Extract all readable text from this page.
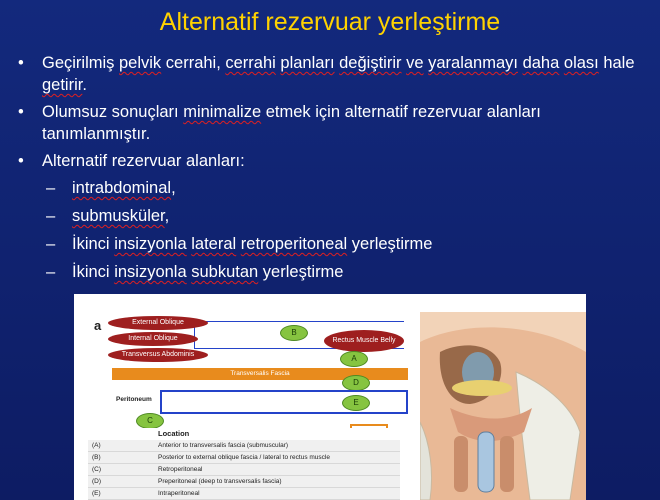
Alternatif rezervuar yerleştirme
• Geçirilmiş pelvik cerrahi, cerrahi planları değiştirir ve yaralanmayı daha olası hale getirir.
• Olumsuz sonuçları minimalize etmek için alternatif rezervuar alanları tanımlanmıştır.
• Alternatif rezervuar alanları:
– intrabdominal,
– submusküler,
– İkinci insizyonla lateral retroperitoneal yerleştirme
– İkinci insizyonla subkutan yerleştirme
a	External Oblique
Internal Oblique
Transversus Abdominis
Rectus Muscle Belly
B
A
Transversalis Fascia
D
Peritoneum	E
C
Location
(A)	Anterior to transversalis fascia (submuscular)
(B)	Posterior to external oblique fascia / lateral to rectus muscle
(C)	Retroperitoneal
(D)	Preperitoneal (deep to transversalis fascia)
(E)	Intraperitoneal
